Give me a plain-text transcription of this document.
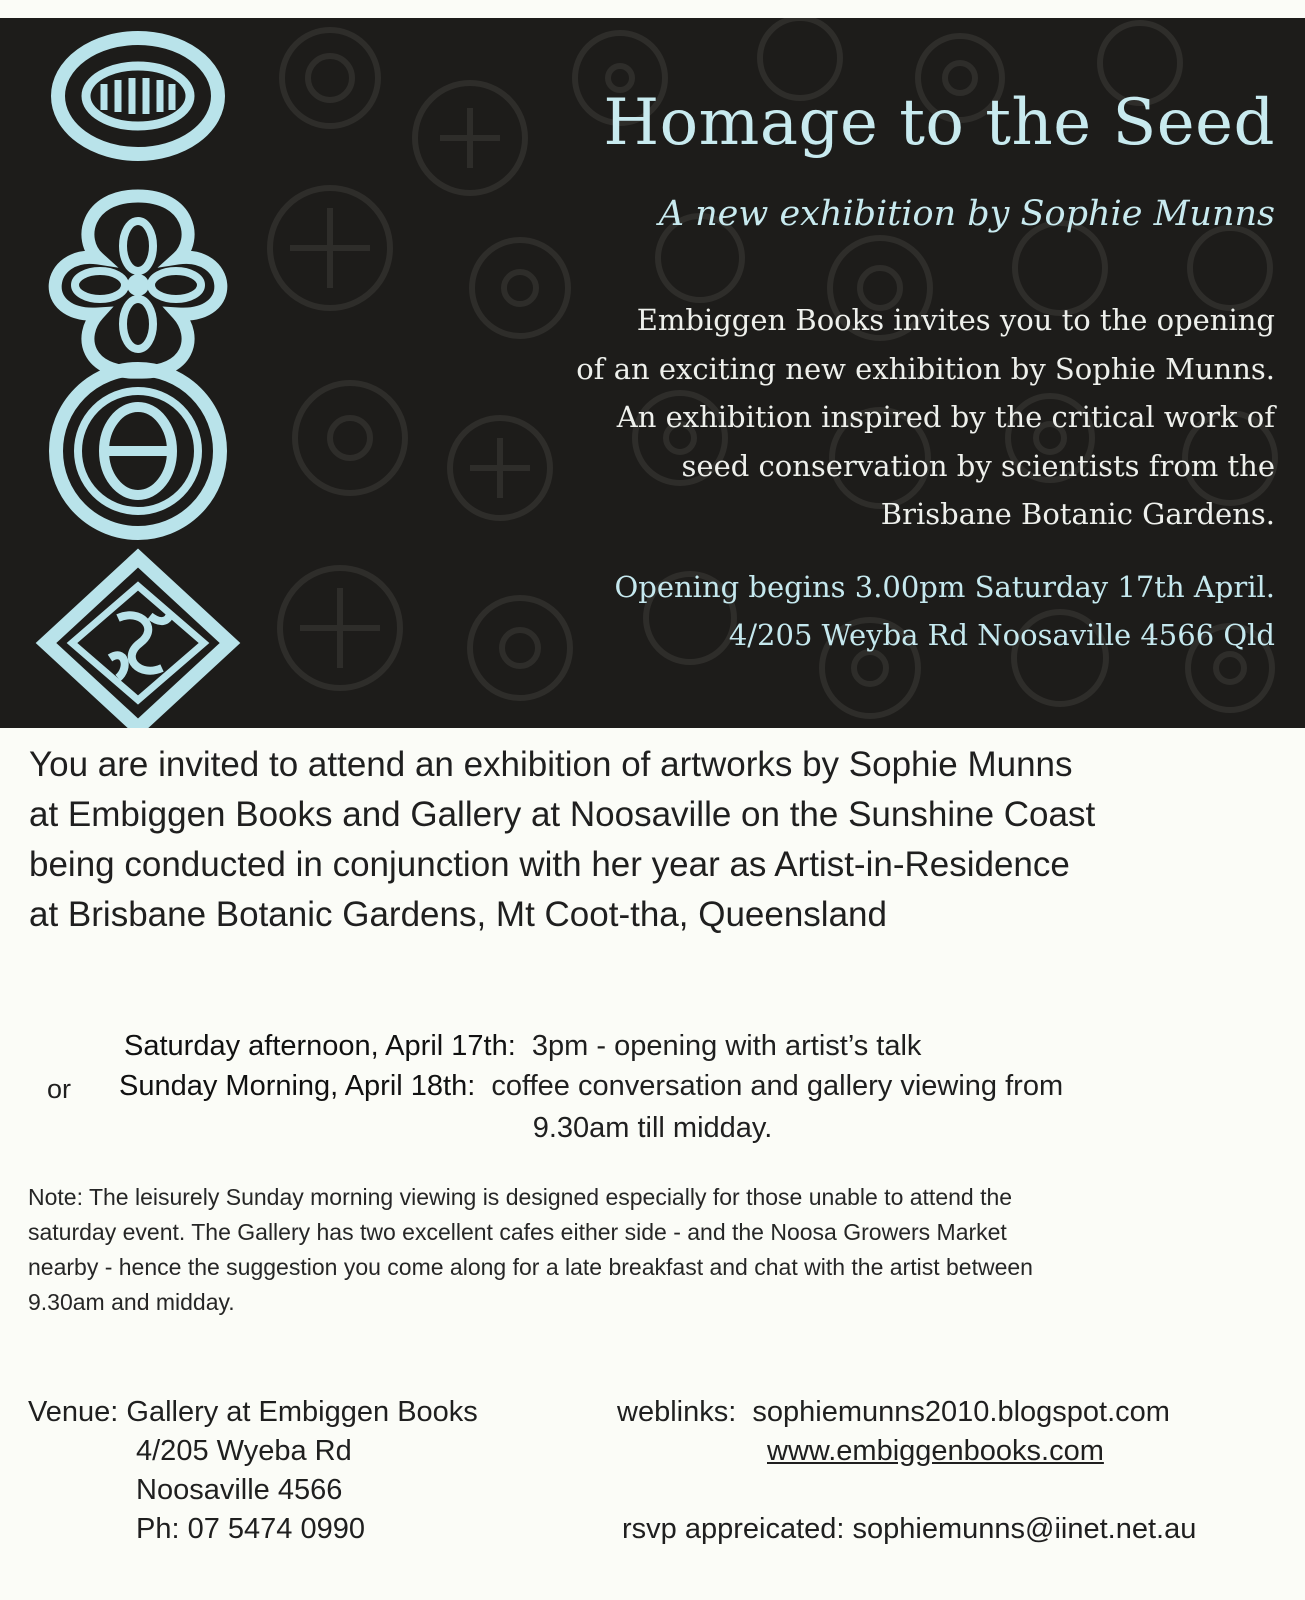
Homage to the Seed
A new exhibition by Sophie Munns
Embiggen Books invites you to the opening
of an exciting new exhibition by Sophie Munns.
An exhibition inspired by the critical work of
seed conservation by scientists from the
Brisbane Botanic Gardens.
Opening begins 3.00pm Saturday 17th April.
4/205 Weyba Rd Noosaville 4566 Qld
You are invited to attend an exhibition of artworks by Sophie Munns
at Embiggen Books and Gallery at Noosaville on the Sunshine Coast
being conducted in conjunction with her year as Artist-in-Residence
at Brisbane Botanic Gardens, Mt Coot-tha, Queensland
Saturday afternoon, April 17th: 3pm - opening with artist’s talk
or Sunday Morning, April 18th: coffee conversation and gallery viewing from
9.30am till midday.
Note: The leisurely Sunday morning viewing is designed especially for those unable to attend the
saturday event. The Gallery has two excellent cafes either side - and the Noosa Growers Market
nearby - hence the suggestion you come along for a late breakfast and chat with the artist between
9.30am and midday.
Venue: Gallery at Embiggen Books
4/205 Wyeba Rd
Noosaville 4566
Ph: 07 5474 0990
weblinks: sophiemunns2010.blogspot.com
www.embiggenbooks.com
rsvp appreicated: sophiemunns@iinet.net.au
